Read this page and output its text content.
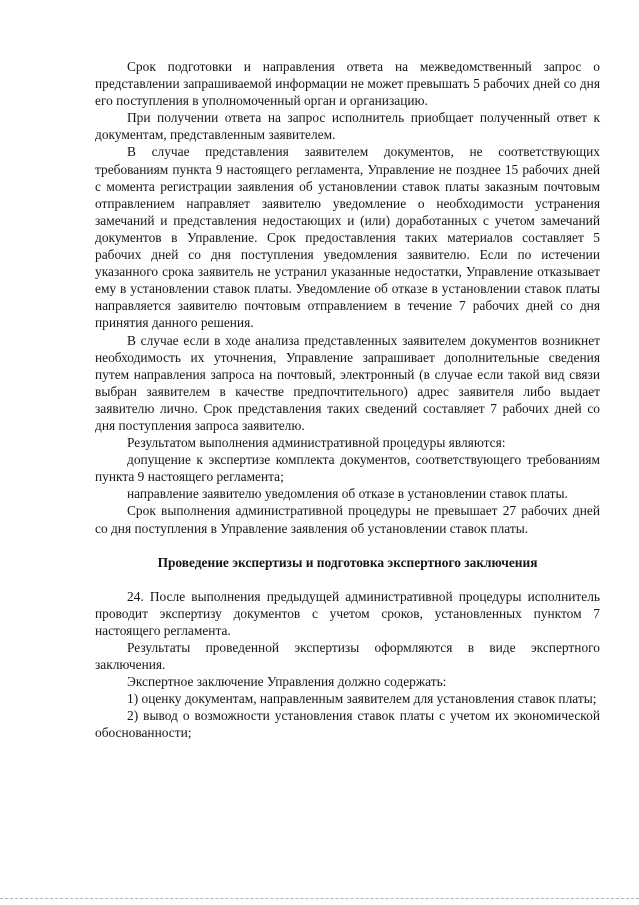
Срок подготовки и направления ответа на межведомственный запрос о представлении запрашиваемой информации не может превышать 5 рабочих дней со дня его поступления в уполномоченный орган и организацию.

При получении ответа на запрос исполнитель приобщает полученный ответ к документам, представленным заявителем.

В случае представления заявителем документов, не соответствующих требованиям пункта 9 настоящего регламента, Управление не позднее 15 рабочих дней с момента регистрации заявления об установлении ставок платы заказным почтовым отправлением направляет заявителю уведомление о необходимости устранения замечаний и представления недостающих и (или) доработанных с учетом замечаний документов в Управление. Срок предоставления таких материалов составляет 5 рабочих дней со дня поступления уведомления заявителю. Если по истечении указанного срока заявитель не устранил указанные недостатки, Управление отказывает ему в установлении ставок платы. Уведомление об отказе в установлении ставок платы направляется заявителю почтовым отправлением в течение 7 рабочих дней со дня принятия данного решения.

В случае если в ходе анализа представленных заявителем документов возникнет необходимость их уточнения, Управление запрашивает дополнительные сведения путем направления запроса на почтовый, электронный (в случае если такой вид связи выбран заявителем в качестве предпочтительного) адрес заявителя либо выдает заявителю лично. Срок представления таких сведений составляет 7 рабочих дней со дня поступления запроса заявителю.

Результатом выполнения административной процедуры являются:

допущение к экспертизе комплекта документов, соответствующего требованиям пункта 9 настоящего регламента;

направление заявителю уведомления об отказе в установлении ставок платы.

Срок выполнения административной процедуры не превышает 27 рабочих дней со дня поступления в Управление заявления об установлении ставок платы.

Проведение экспертизы и подготовка экспертного заключения

24. После выполнения предыдущей административной процедуры исполнитель проводит экспертизу документов с учетом сроков, установленных пунктом 7 настоящего регламента.

Результаты проведенной экспертизы оформляются в виде экспертного заключения.

Экспертное заключение Управления должно содержать:

1) оценку документам, направленным заявителем для установления ставок платы;

2) вывод о возможности установления ставок платы с учетом их экономической обоснованности;
